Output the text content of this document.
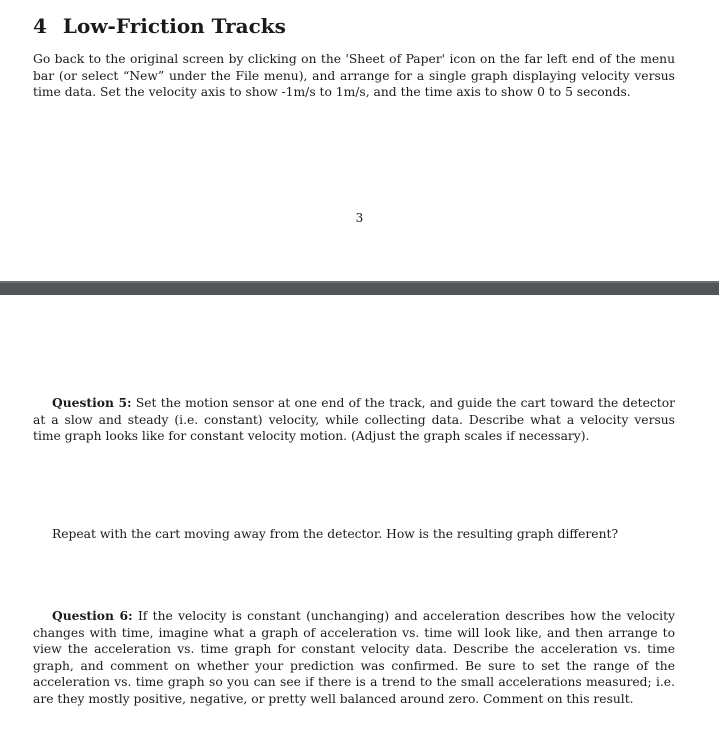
4 Low-Friction Tracks

Go back to the original screen by clicking on the 'Sheet of Paper' icon on the far left end of the menu bar (or select “New” under the File menu), and arrange for a single graph displaying velocity versus time data. Set the velocity axis to show -1m/s to 1m/s, and the time axis to show 0 to 5 seconds.

3

Question 5: Set the motion sensor at one end of the track, and guide the cart toward the detector at a slow and steady (i.e. constant) velocity, while collecting data. Describe what a velocity versus time graph looks like for constant velocity motion. (Adjust the graph scales if necessary).

Repeat with the cart moving away from the detector. How is the resulting graph different?

Question 6: If the velocity is constant (unchanging) and acceleration describes how the velocity changes with time, imagine what a graph of acceleration vs. time will look like, and then arrange to view the acceleration vs. time graph for constant velocity data. Describe the acceleration vs. time graph, and comment on whether your prediction was confirmed. Be sure to set the range of the acceleration vs. time graph so you can see if there is a trend to the small accelerations measured; i.e. are they mostly positive, negative, or pretty well balanced around zero. Comment on this result.
